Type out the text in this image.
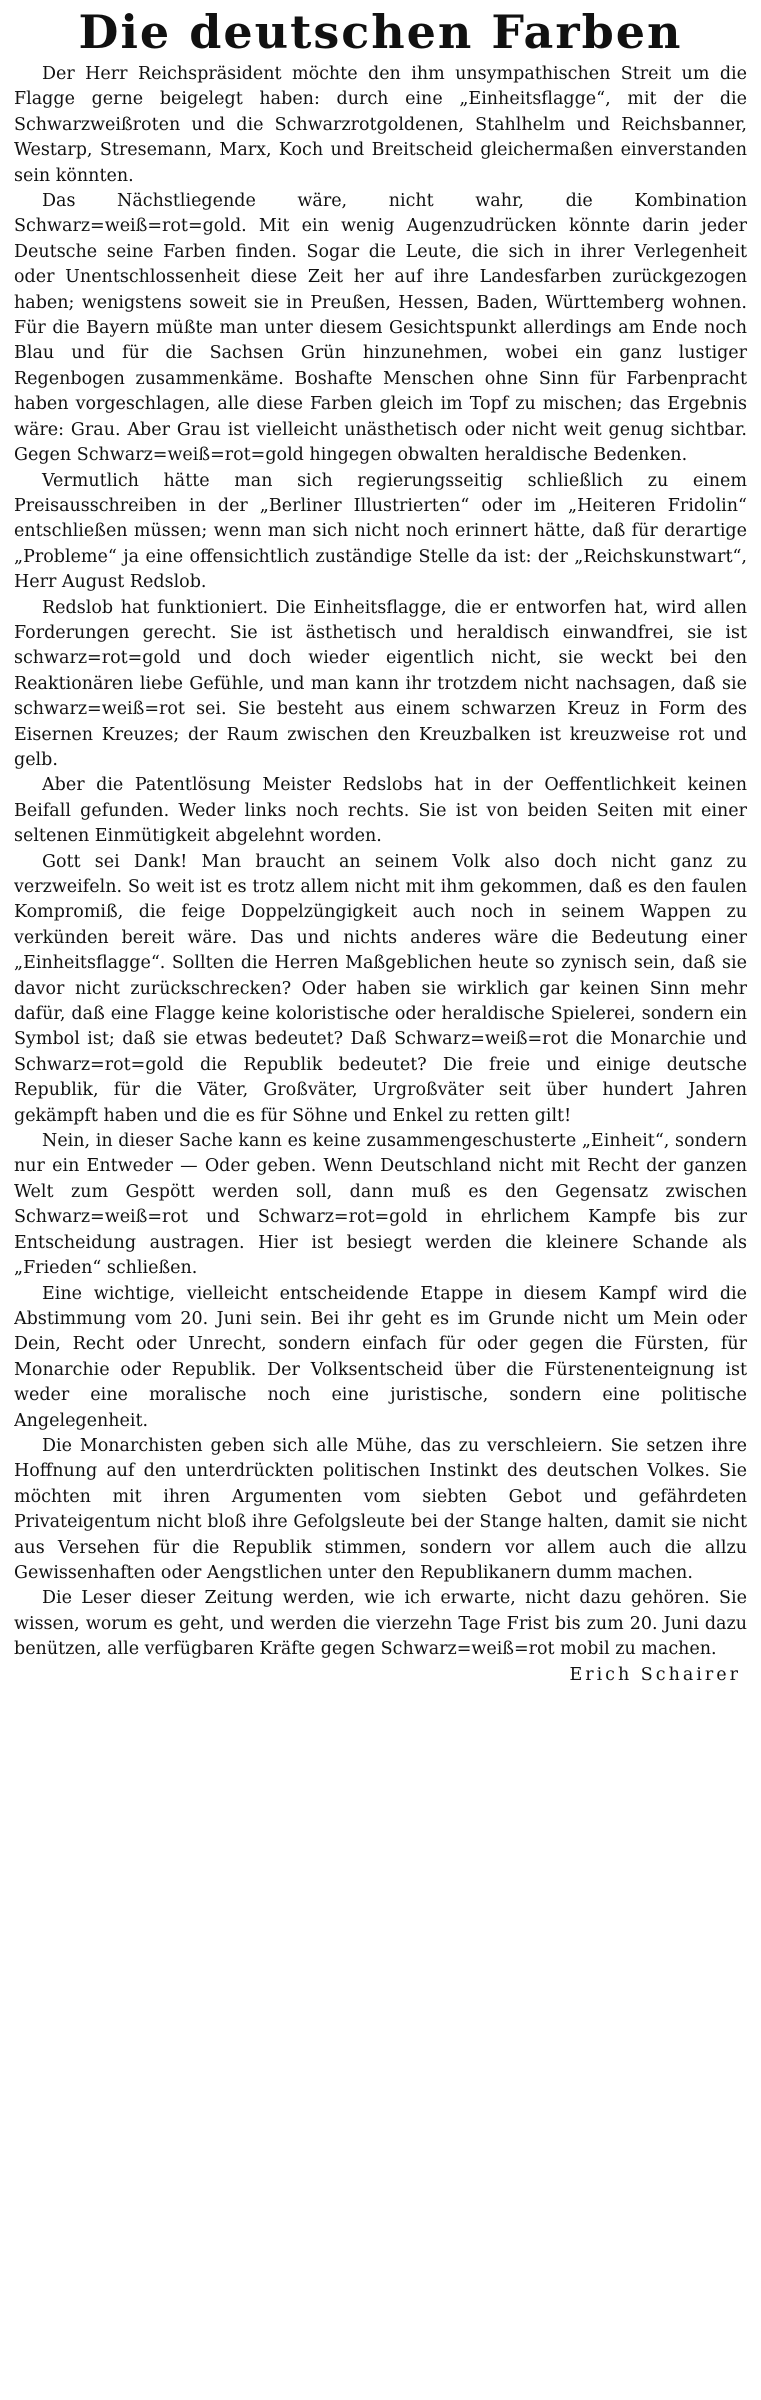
Die deutschen Farben

Der Herr Reichspräsident möchte den ihm unsympathischen Streit um die Flagge gerne beigelegt haben: durch eine „Einheitsflagge“, mit der die Schwarzweißroten und die Schwarzrotgoldenen, Stahlhelm und Reichsbanner, Westarp, Stresemann, Marx, Koch und Breitscheid gleichermaßen einverstanden sein könnten.

Das Nächstliegende wäre, nicht wahr, die Kombination Schwarz=weiß=rot=gold. Mit ein wenig Augenzudrücken könnte darin jeder Deutsche seine Farben finden. Sogar die Leute, die sich in ihrer Verlegenheit oder Unentschlossenheit diese Zeit her auf ihre Landesfarben zurückgezogen haben; wenigstens soweit sie in Preußen, Hessen, Baden, Württemberg wohnen. Für die Bayern müßte man unter diesem Gesichtspunkt allerdings am Ende noch Blau und für die Sachsen Grün hinzunehmen, wobei ein ganz lustiger Regenbogen zusammenkäme. Boshafte Menschen ohne Sinn für Farbenpracht haben vorgeschlagen, alle diese Farben gleich im Topf zu mischen; das Ergebnis wäre: Grau. Aber Grau ist vielleicht unästhetisch oder nicht weit genug sichtbar. Gegen Schwarz=weiß=rot=gold hingegen obwalten heraldische Bedenken.

Vermutlich hätte man sich regierungsseitig schließlich zu einem Preisausschreiben in der „Berliner Illustrierten“ oder im „Heiteren Fridolin“ entschließen müssen; wenn man sich nicht noch erinnert hätte, daß für derartige „Probleme“ ja eine offensichtlich zuständige Stelle da ist: der „Reichskunstwart“, Herr August Redslob.

Redslob hat funktioniert. Die Einheitsflagge, die er entworfen hat, wird allen Forderungen gerecht. Sie ist ästhetisch und heraldisch einwandfrei, sie ist schwarz=rot=gold und doch wieder eigentlich nicht, sie weckt bei den Reaktionären liebe Gefühle, und man kann ihr trotzdem nicht nachsagen, daß sie schwarz=weiß=rot sei. Sie besteht aus einem schwarzen Kreuz in Form des Eisernen Kreuzes; der Raum zwischen den Kreuzbalken ist kreuzweise rot und gelb.

Aber die Patentlösung Meister Redslobs hat in der Oeffentlichkeit keinen Beifall gefunden. Weder links noch rechts. Sie ist von beiden Seiten mit einer seltenen Einmütigkeit abgelehnt worden.

Gott sei Dank! Man braucht an seinem Volk also doch nicht ganz zu verzweifeln. So weit ist es trotz allem nicht mit ihm gekommen, daß es den faulen Kompromiß, die feige Doppelzüngigkeit auch noch in seinem Wappen zu verkünden bereit wäre. Das und nichts anderes wäre die Bedeutung einer „Einheitsflagge“. Sollten die Herren Maßgeblichen heute so zynisch sein, daß sie davor nicht zurückschrecken? Oder haben sie wirklich gar keinen Sinn mehr dafür, daß eine Flagge keine koloristische oder heraldische Spielerei, sondern ein Symbol ist; daß sie etwas bedeutet? Daß Schwarz=weiß=rot die Monarchie und Schwarz=rot=gold die Republik bedeutet? Die freie und einige deutsche Republik, für die Väter, Großväter, Urgroßväter seit über hundert Jahren gekämpft haben und die es für Söhne und Enkel zu retten gilt!

Nein, in dieser Sache kann es keine zusammengeschusterte „Einheit“, sondern nur ein Entweder — Oder geben. Wenn Deutschland nicht mit Recht der ganzen Welt zum Gespött werden soll, dann muß es den Gegensatz zwischen Schwarz=weiß=rot und Schwarz=rot=gold in ehrlichem Kampfe bis zur Entscheidung austragen. Hier ist besiegt werden die kleinere Schande als „Frieden“ schließen.

Eine wichtige, vielleicht entscheidende Etappe in diesem Kampf wird die Abstimmung vom 20. Juni sein. Bei ihr geht es im Grunde nicht um Mein oder Dein, Recht oder Unrecht, sondern einfach für oder gegen die Fürsten, für Monarchie oder Republik. Der Volksentscheid über die Fürstenenteignung ist weder eine moralische noch eine juristische, sondern eine politische Angelegenheit.

Die Monarchisten geben sich alle Mühe, das zu verschleiern. Sie setzen ihre Hoffnung auf den unterdrückten politischen Instinkt des deutschen Volkes. Sie möchten mit ihren Argumenten vom siebten Gebot und gefährdeten Privateigentum nicht bloß ihre Gefolgsleute bei der Stange halten, damit sie nicht aus Versehen für die Republik stimmen, sondern vor allem auch die allzu Gewissenhaften oder Aengstlichen unter den Republikanern dumm machen.

Die Leser dieser Zeitung werden, wie ich erwarte, nicht dazu gehören. Sie wissen, worum es geht, und werden die vierzehn Tage Frist bis zum 20. Juni dazu benützen, alle verfügbaren Kräfte gegen Schwarz=weiß=rot mobil zu machen.

Erich Schairer
